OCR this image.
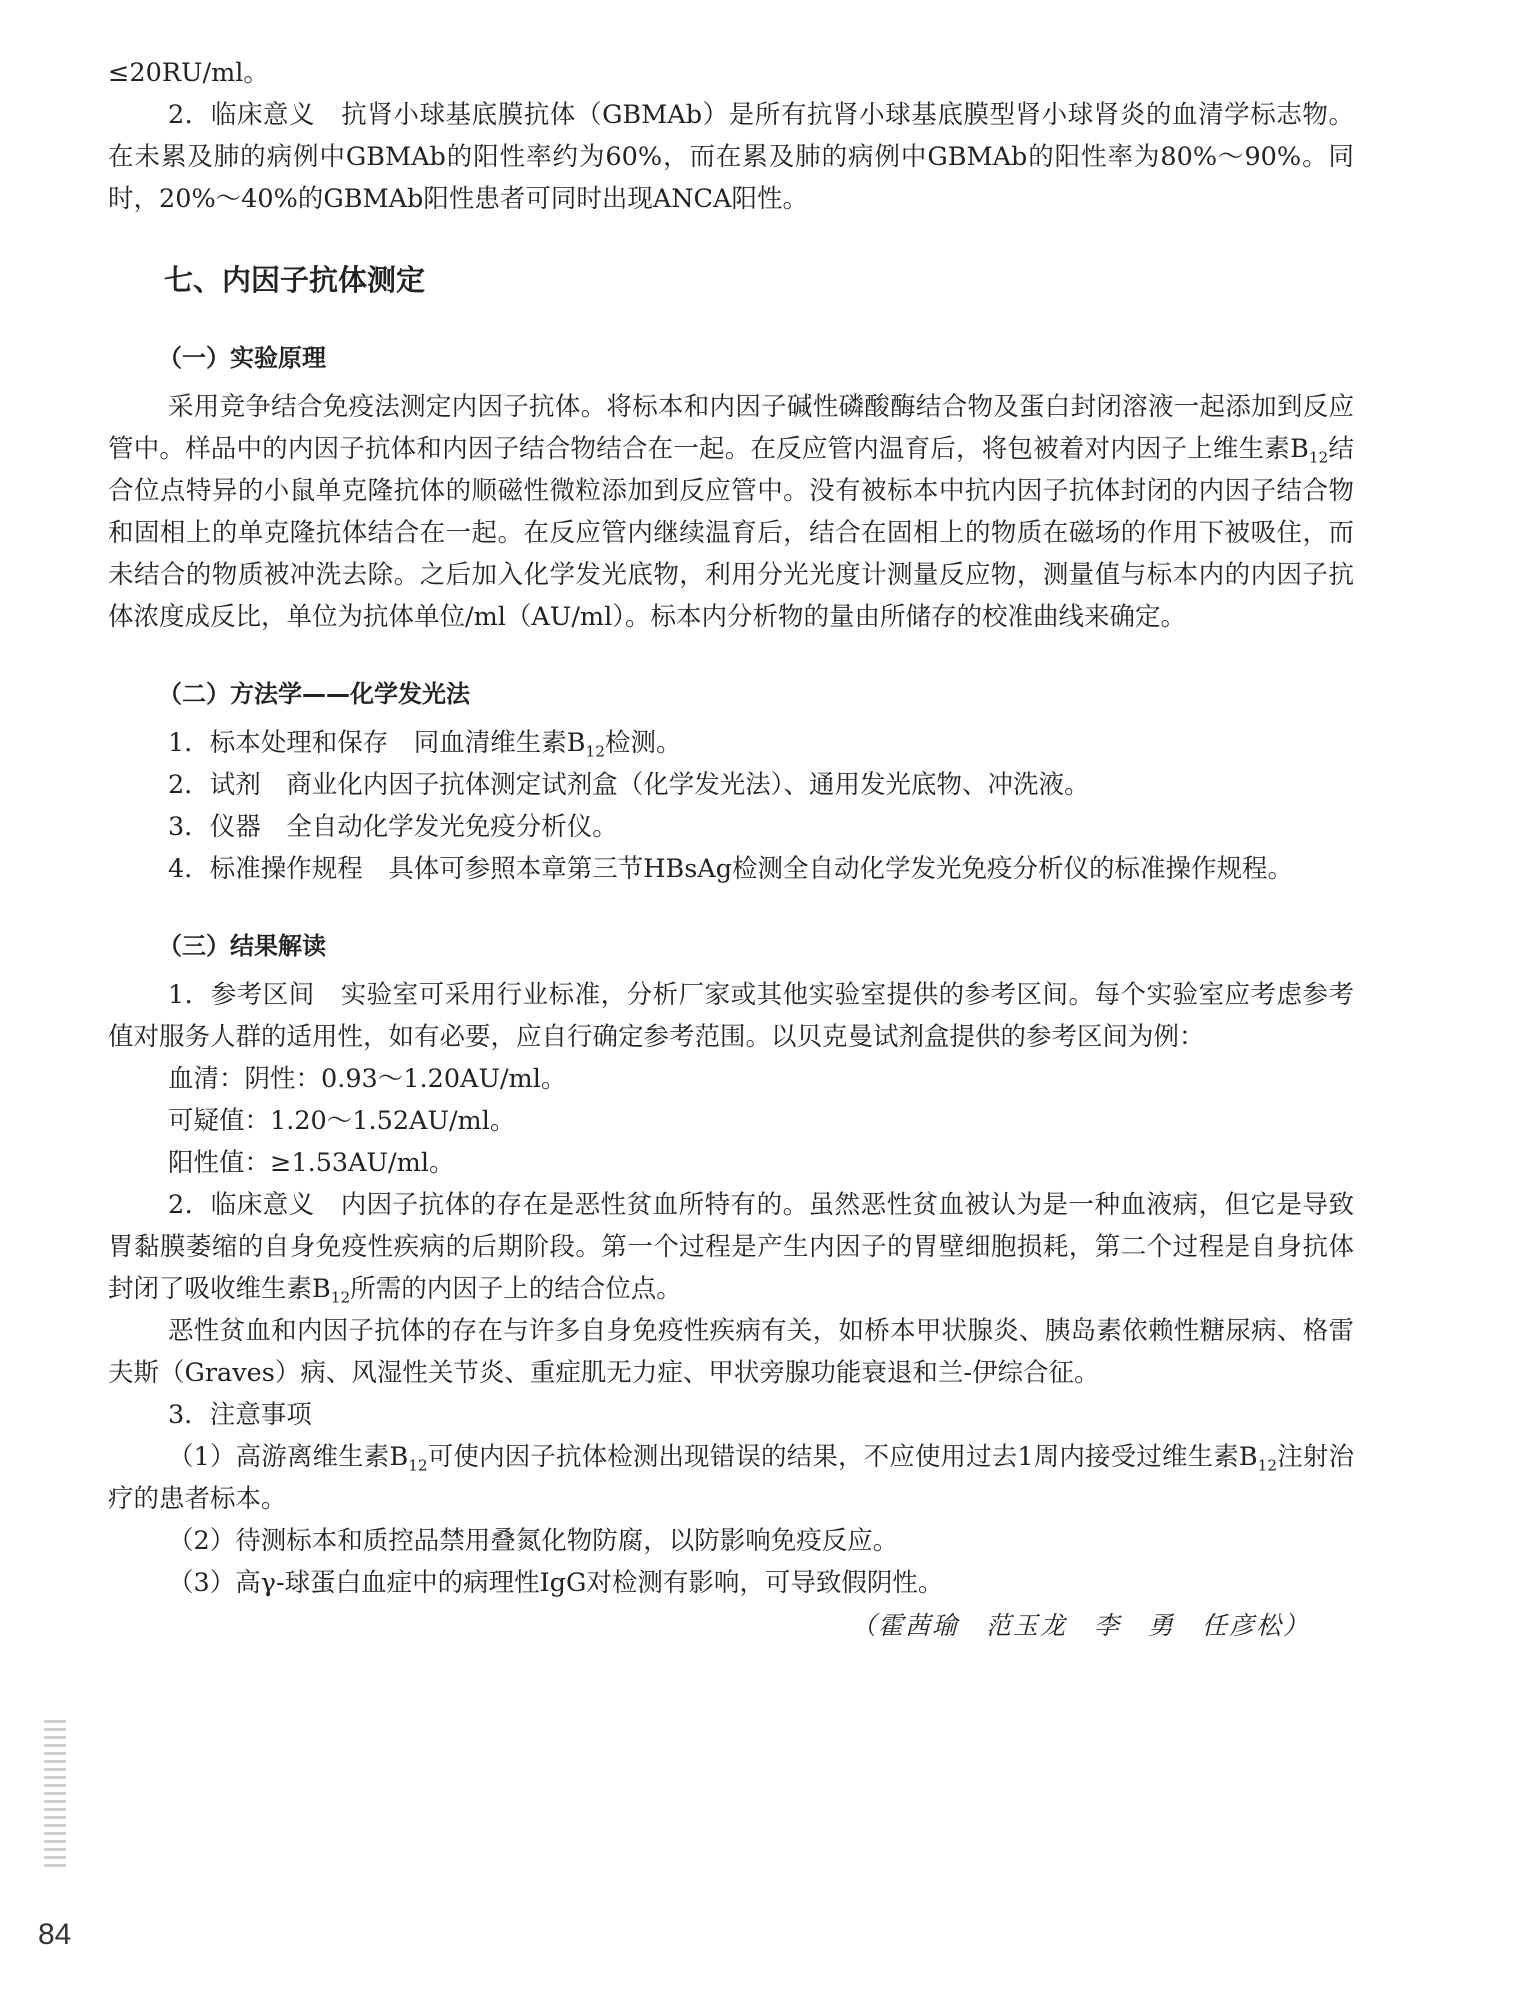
≤20RU/ml。

2．临床意义　抗肾小球基底膜抗体（GBMAb）是所有抗肾小球基底膜型肾小球肾炎的血清学标志物。在未累及肺的病例中GBMAb的阳性率约为60%，而在累及肺的病例中GBMAb的阳性率为80%～90%。同时，20%～40%的GBMAb阳性患者可同时出现ANCA阳性。

七、内因子抗体测定
（一）实验原理

采用竞争结合免疫法测定内因子抗体。将标本和内因子碱性磷酸酶结合物及蛋白封闭溶液一起添加到反应管中。样品中的内因子抗体和内因子结合物结合在一起。在反应管内温育后，将包被着对内因子上维生素$B_{12}$结合位点特异的小鼠单克隆抗体的顺磁性微粒添加到反应管中。没有被标本中抗内因子抗体封闭的内因子结合物和固相上的单克隆抗体结合在一起。在反应管内继续温育后，结合在固相上的物质在磁场的作用下被吸住，而未结合的物质被冲洗去除。之后加入化学发光底物，利用分光光度计测量反应物，测量值与标本内的内因子抗体浓度成反比，单位为抗体单位/ml（AU/ml）。标本内分析物的量由所储存的校准曲线来确定。

（二）方法学——化学发光法

1．标本处理和保存　同血清维生素$B_{12}$检测。

2．试剂　商业化内因子抗体测定试剂盒（化学发光法）、通用发光底物、冲洗液。

3．仪器　全自动化学发光免疫分析仪。

4．标准操作规程　具体可参照本章第三节HBsAg检测全自动化学发光免疫分析仪的标准操作规程。

（三）结果解读

1．参考区间　实验室可采用行业标准，分析厂家或其他实验室提供的参考区间。每个实验室应考虑参考值对服务人群的适用性，如有必要，应自行确定参考范围。以贝克曼试剂盒提供的参考区间为例：

血清：阴性：0.93～1.20AU/ml。

可疑值：1.20～1.52AU/ml。

阳性值：≥1.53AU/ml。

2．临床意义　内因子抗体的存在是恶性贫血所特有的。虽然恶性贫血被认为是一种血液病，但它是导致胃黏膜萎缩的自身免疫性疾病的后期阶段。第一个过程是产生内因子的胃壁细胞损耗，第二个过程是自身抗体封闭了吸收维生素$B_{12}$所需的内因子上的结合位点。

恶性贫血和内因子抗体的存在与许多自身免疫性疾病有关，如桥本甲状腺炎、胰岛素依赖性糖尿病、格雷夫斯（Graves）病、风湿性关节炎、重症肌无力症、甲状旁腺功能衰退和兰-伊综合征。

3．注意事项

（1）高游离维生素$B_{12}$可使内因子抗体检测出现错误的结果，不应使用过去1周内接受过维生素$B_{12}$注射治疗的患者标本。

（2）待测标本和质控品禁用叠氮化物防腐，以防影响免疫反应。

（3）高γ-球蛋白血症中的病理性IgG对检测有影响，可导致假阴性。

（霍茜瑜　范玉龙　李　勇　任彦松）
84
